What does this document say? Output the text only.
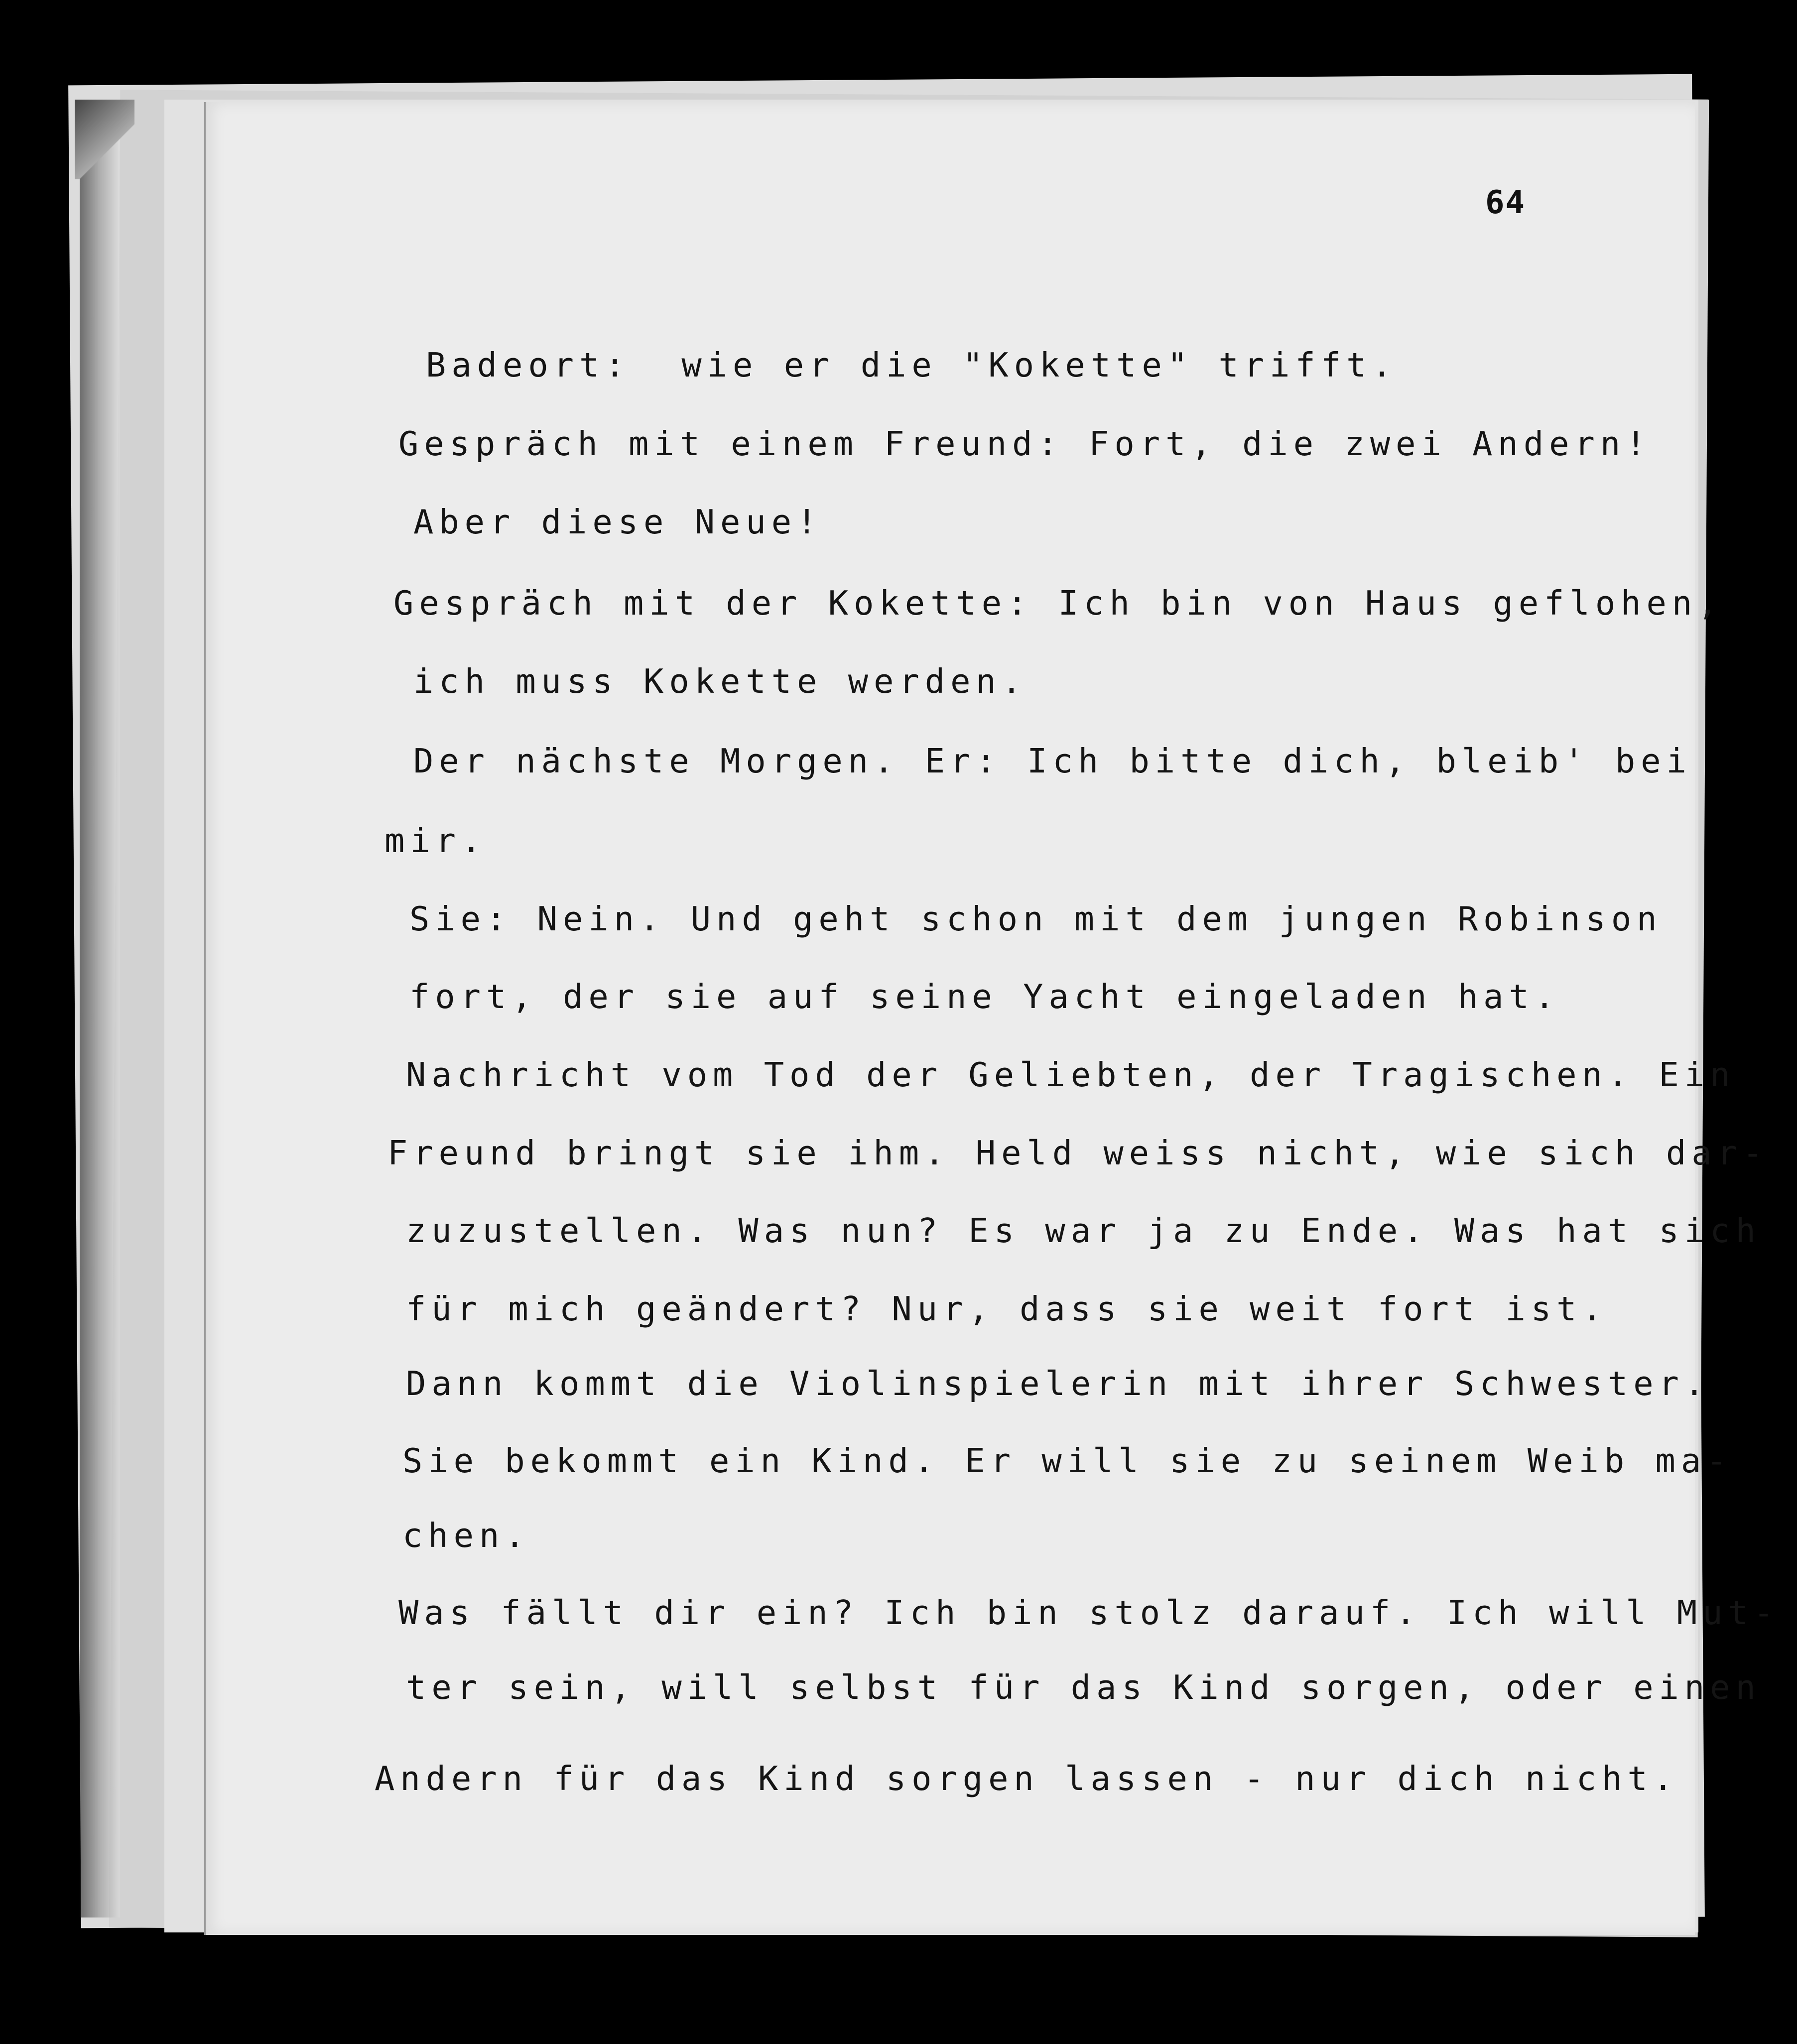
64
Badeort:  wie er die "Kokette" trifft.
Gespräch mit einem Freund: Fort, die zwei Andern!
Aber diese Neue!
Gespräch mit der Kokette: Ich bin von Haus geflohen,
ich muss Kokette werden.
Der nächste Morgen. Er: Ich bitte dich, bleib' bei
mir.
Sie: Nein. Und geht schon mit dem jungen Robinson
fort, der sie auf seine Yacht eingeladen hat.
Nachricht vom Tod der Geliebten, der Tragischen. Ein
Freund bringt sie ihm. Held weiss nicht, wie sich dar-
zuzustellen. Was nun? Es war ja zu Ende. Was hat sich
für mich geändert? Nur, dass sie weit fort ist.
Dann kommt die Violinspielerin mit ihrer Schwester.
Sie bekommt ein Kind. Er will sie zu seinem Weib ma-
chen.
Was fällt dir ein? Ich bin stolz darauf. Ich will Mut-
ter sein, will selbst für das Kind sorgen, oder einen
Andern für das Kind sorgen lassen - nur dich nicht.
